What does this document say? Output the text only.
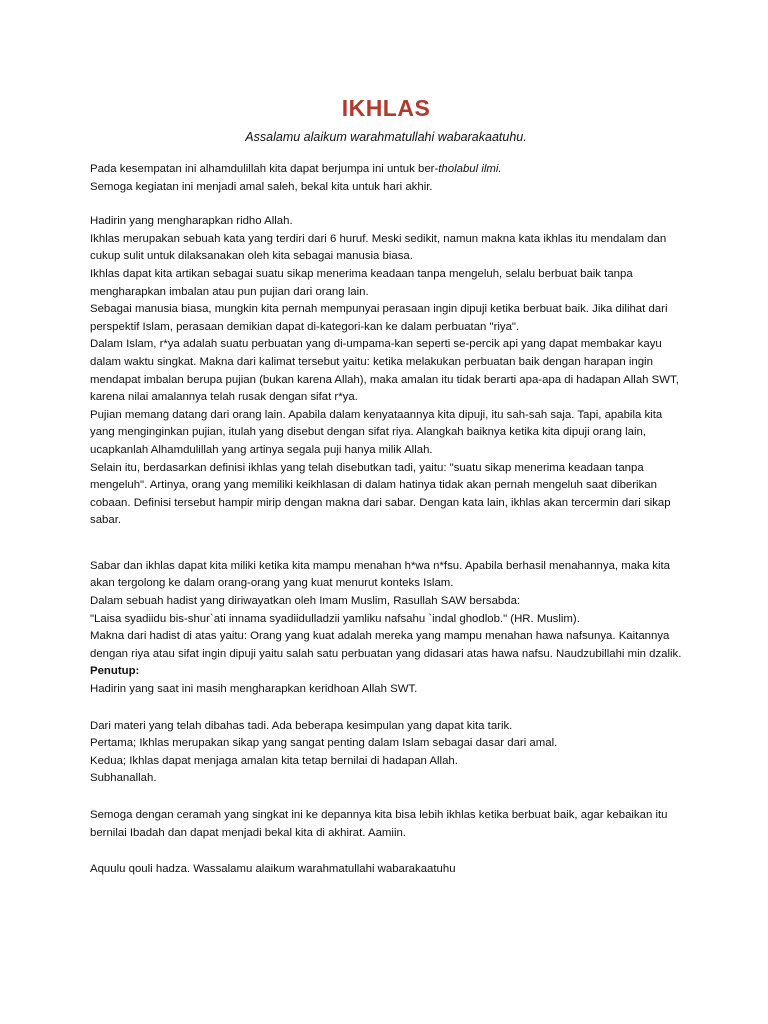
IKHLAS

Assalamu alaikum warahmatullahi wabarakaatuhu.

Pada kesempatan ini alhamdulillah kita dapat berjumpa ini untuk ber-tholabul ilmi.

Semoga kegiatan ini menjadi amal saleh, bekal kita untuk hari akhir.

Hadirin yang mengharapkan ridho Allah.

Ikhlas merupakan sebuah kata yang terdiri dari 6 huruf. Meski sedikit, namun makna kata ikhlas itu mendalam dan cukup sulit untuk dilaksanakan oleh kita sebagai manusia biasa.

Ikhlas dapat kita artikan sebagai suatu sikap menerima keadaan tanpa mengeluh, selalu berbuat baik tanpa mengharapkan imbalan atau pun pujian dari orang lain.

Sebagai manusia biasa, mungkin kita pernah mempunyai perasaan ingin dipuji ketika berbuat baik. Jika dilihat dari perspektif Islam, perasaan demikian dapat di-kategori-kan ke dalam perbuatan "riya".

Dalam Islam, r*ya adalah suatu perbuatan yang di-umpama-kan seperti se-percik api yang dapat membakar kayu dalam waktu singkat. Makna dari kalimat tersebut yaitu: ketika melakukan perbuatan baik dengan harapan ingin mendapat imbalan berupa pujian (bukan karena Allah), maka amalan itu tidak berarti apa-apa di hadapan Allah SWT, karena nilai amalannya telah rusak dengan sifat r*ya.

Pujian memang datang dari orang lain. Apabila dalam kenyataannya kita dipuji, itu sah-sah saja. Tapi, apabila kita yang menginginkan pujian, itulah yang disebut dengan sifat riya. Alangkah baiknya ketika kita dipuji orang lain, ucapkanlah Alhamdulillah yang artinya segala puji hanya milik Allah.

Selain itu, berdasarkan definisi ikhlas yang telah disebutkan tadi, yaitu: "suatu sikap menerima keadaan tanpa mengeluh". Artinya, orang yang memiliki keikhlasan di dalam hatinya tidak akan pernah mengeluh saat diberikan cobaan. Definisi tersebut hampir mirip dengan makna dari sabar. Dengan kata lain, ikhlas akan tercermin dari sikap sabar.

Sabar dan ikhlas dapat kita miliki ketika kita mampu menahan h*wa n*fsu. Apabila berhasil menahannya, maka kita akan tergolong ke dalam orang-orang yang kuat menurut konteks Islam.

Dalam sebuah hadist yang diriwayatkan oleh Imam Muslim, Rasullah SAW bersabda:

"Laisa syadiidu bis-shur`ati innama syadiidulladzii yamliku nafsahu `indal ghodlob." (HR. Muslim).

Makna dari hadist di atas yaitu: Orang yang kuat adalah mereka yang mampu menahan hawa nafsunya. Kaitannya dengan riya atau sifat ingin dipuji yaitu salah satu perbuatan yang didasari atas hawa nafsu. Naudzubillahi min dzalik.

Penutup:

Hadirin yang saat ini masih mengharapkan keridhoan Allah SWT.

Dari materi yang telah dibahas tadi. Ada beberapa kesimpulan yang dapat kita tarik.

Pertama; Ikhlas merupakan sikap yang sangat penting dalam Islam sebagai dasar dari amal.

Kedua; Ikhlas dapat menjaga amalan kita tetap bernilai di hadapan Allah.

Subhanallah.

Semoga dengan ceramah yang singkat ini ke depannya kita bisa lebih ikhlas ketika berbuat baik, agar kebaikan itu bernilai Ibadah dan dapat menjadi bekal kita di akhirat. Aamiin.

Aquulu qouli hadza. Wassalamu alaikum warahmatullahi wabarakaatuhu
